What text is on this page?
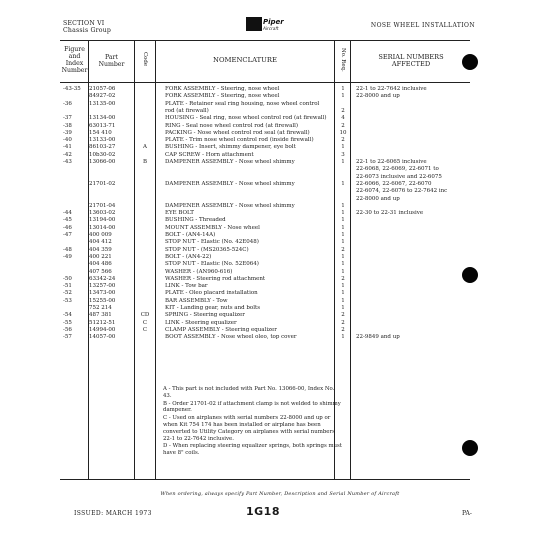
SECTION VI
Chassis Group
Piper
Aircraft	NOSE WHEEL INSTALLATION
Figure
and
Index
Number
Part
Number	Code	NOMENCLATURE	No. Req.	SERIAL NUMBERS
AFFECTED
-43-35	21057-06	FORK ASSEMBLY - Steering, nose wheel	1	22-1 to 22-7642 inclusive
84927-02	FORK ASSEMBLY - Steering, nose wheel	1	22-8000 and up
-36	13135-00	PLATE - Retainer seal ring housing, nose wheel control
rod (at firewall)	2
-37	13134-00	HOUSING - Seal ring, nose wheel control rod (at firewall)	4
-38	63013-71	RING - Seal nose wheel control rod (at firewall)	2
-39	154 410	PACKING - Nose wheel control rod seal (at firewall)	10
-40	13133-00	PLATE - Trim nose wheel control rod (inside firewall)	2
-41	86103-27	A	BUSHING - Insert, shimmy dampener, eye bolt	1
-42	10b30-02	CAP SCREW - Horn attachment	3
-43	13066-00	B	DAMPENER ASSEMBLY - Nose wheel shimmy	1	22-1 to 22-6065 inclusive
22-6068, 22-6069, 22-6071 to
22-6073 inclusive and 22-6075
21701-02	DAMPENER ASSEMBLY - Nose wheel shimmy	1	22-6066, 22-6067, 22-6070
22-6074, 22-6076 to 22-7642 inc
22-8000 and up
21701-04	DAMPENER ASSEMBLY - Nose wheel shimmy	1
-44	13603-02	EYE BOLT	1	22-30 to 22-31 inclusive
-45	13194-00	BUSHING - Threaded	1
-46	13014-00	MOUNT ASSEMBLY - Nose wheel	1
-47	400 009	BOLT - (AN4-14A)	1
404 412	STOP NUT - Elastic (No. 42E048)	1
-48	404 359	STOP NUT - (MS20365-524C)	2
-49	400 221	BOLT - (AN4-22)	1
404 486	STOP NUT - Elastic (No. 52E064)	1
407 566	WASHER - (AN960-616)	1
-50	63342-24	WASHER - Steering rod attachment	2
-51	13257-00	LINK - Tow bar	1
-52	13473-00	PLATE - Oleo placard installation	1
-53	15255-00	BAR ASSEMBLY - Tow	1
752 214	KIT - Landing gear, nuts and bolts	1
-54	487 381	CD	SPRING - Steering equalizer	2
-55	51212-51	C	LINK - Steering equalizer	2
-56	14994-00	C	CLAMP ASSEMBLY - Steering equalizer	2
-57	14057-00	BOOT ASSEMBLY - Nose wheel oleo, top cover	1	22-9849 and up
A - This part is not included with Part No. 13066-00, Index No. 43.
B - Order 21701-02 if attachment clamp is not welded to shimmy dampener.
C - Used on airplanes with serial numbers 22-8000 and up or when Kit 754 174 has been installed or airplane has been converted to Utility Category on airplanes with serial numbers 22-1 to 22-7642 inclusive.
D - When replacing steering equalizer springs, both springs must have 8" coils.
When ordering, always specify Part Number, Description and Serial Number of Aircraft
ISSUED: MARCH 1973	1G18	PA-
